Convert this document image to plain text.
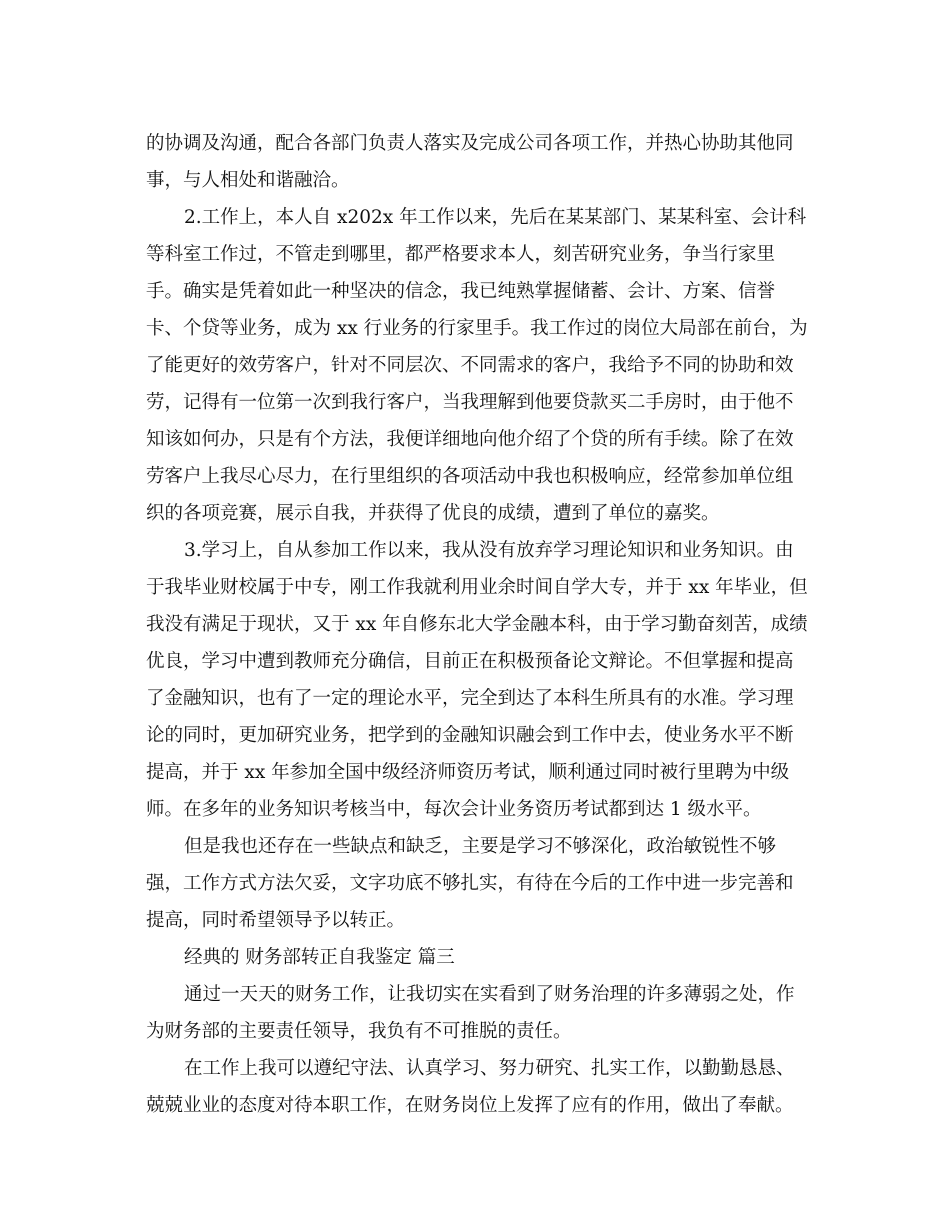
的协调及沟通，配合各部门负责人落实及完成公司各项工作，并热心协助其他同
事，与人相处和谐融洽。
2.工作上，本人自 x202x 年工作以来，先后在某某部门、某某科室、会计科
等科室工作过，不管走到哪里，都严格要求本人，刻苦研究业务，争当行家里
手。确实是凭着如此一种坚决的信念，我已纯熟掌握储蓄、会计、方案、信誉
卡、个贷等业务，成为 xx 行业务的行家里手。我工作过的岗位大局部在前台，为
了能更好的效劳客户，针对不同层次、不同需求的客户，我给予不同的协助和效
劳，记得有一位第一次到我行客户，当我理解到他要贷款买二手房时，由于他不
知该如何办，只是有个方法，我便详细地向他介绍了个贷的所有手续。除了在效
劳客户上我尽心尽力，在行里组织的各项活动中我也积极响应，经常参加单位组
织的各项竞赛，展示自我，并获得了优良的成绩，遭到了单位的嘉奖。
3.学习上，自从参加工作以来，我从没有放弃学习理论知识和业务知识。由
于我毕业财校属于中专，刚工作我就利用业余时间自学大专，并于 xx 年毕业，但
我没有满足于现状，又于 xx 年自修东北大学金融本科，由于学习勤奋刻苦，成绩
优良，学习中遭到教师充分确信，目前正在积极预备论文辩论。不但掌握和提高
了金融知识，也有了一定的理论水平，完全到达了本科生所具有的水准。学习理
论的同时，更加研究业务，把学到的金融知识融会到工作中去，使业务水平不断
提高，并于 xx 年参加全国中级经济师资历考试，顺利通过同时被行里聘为中级
师。在多年的业务知识考核当中，每次会计业务资历考试都到达 1 级水平。
但是我也还存在一些缺点和缺乏，主要是学习不够深化，政治敏锐性不够
强，工作方式方法欠妥，文字功底不够扎实，有待在今后的工作中进一步完善和
提高，同时希望领导予以转正。
经典的 财务部转正自我鉴定 篇三
通过一天天的财务工作，让我切实在实看到了财务治理的许多薄弱之处，作
为财务部的主要责任领导，我负有不可推脱的责任。
在工作上我可以遵纪守法、认真学习、努力研究、扎实工作，以勤勤恳恳、
兢兢业业的态度对待本职工作，在财务岗位上发挥了应有的作用，做出了奉献。
